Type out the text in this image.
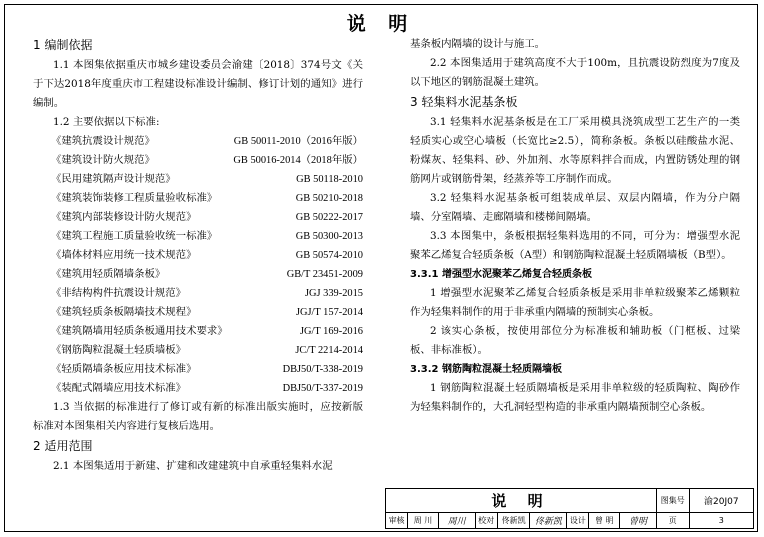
说 明
1 编制依据
1.1 本图集依据重庆市城乡建设委员会渝建〔2018〕374号文《关于下达2018年度重庆市工程建设标准设计编制、修订计划的通知》进行编制。
1.2 主要依据以下标准:
《建筑抗震设计规范》	GB 50011-2010（2016年版）
《建筑设计防火规范》	GB 50016-2014（2018年版）
《民用建筑隔声设计规范》	GB 50118-2010
《建筑装饰装修工程质量验收标准》	GB 50210-2018
《建筑内部装修设计防火规范》	GB 50222-2017
《建筑工程施工质量验收统一标准》	GB 50300-2013
《墙体材料应用统一技术规范》	GB 50574-2010
《建筑用轻质隔墙条板》	GB/T 23451-2009
《非结构构件抗震设计规范》	JGJ 339-2015
《建筑轻质条板隔墙技术规程》	JGJ/T 157-2014
《建筑隔墙用轻质条板通用技术要求》	JG/T 169-2016
《钢筋陶粒混凝土轻质墙板》	JC/T 2214-2014
《轻质隔墙条板应用技术标准》	DBJ50/T-338-2019
《装配式隔墙应用技术标准》	DBJ50/T-337-2019
1.3 当依据的标准进行了修订或有新的标准出版实施时，应按新版标准对本图集相关内容进行复核后选用。
2 适用范围
2.1 本图集适用于新建、扩建和改建建筑中自承重轻集料水泥
基条板内隔墙的设计与施工。
2.2 本图集适用于建筑高度不大于100m，且抗震设防烈度为7度及以下地区的钢筋混凝土建筑。
3 轻集料水泥基条板
3.1 轻集料水泥基条板是在工厂采用模具浇筑成型工艺生产的一类轻质实心或空心墙板（长宽比≥2.5），简称条板。条板以硅酸盐水泥、粉煤灰、轻集料、砂、外加剂、水等原料拌合而成，内置防锈处理的钢筋网片或钢筋骨架，经蒸养等工序制作而成。
3.2 轻集料水泥基条板可组装成单层、双层内隔墙，作为分户隔墙、分室隔墙、走廊隔墙和楼梯间隔墙。
3.3 本图集中，条板根据轻集料选用的不同，可分为：增强型水泥聚苯乙烯复合轻质条板（A型）和钢筋陶粒混凝土轻质隔墙板（B型）。
3.3.1 增强型水泥聚苯乙烯复合轻质条板
1 增强型水泥聚苯乙烯复合轻质条板是采用非单粒级聚苯乙烯颗粒作为轻集料制作的用于非承重内隔墙的预制实心条板。
2 该实心条板，按使用部位分为标准板和辅助板（门框板、过梁板、非标准板）。
3.3.2 钢筋陶粒混凝土轻质隔墙板
1 钢筋陶粒混凝土轻质隔墙板是采用非单粒级的轻质陶粒、陶砂作为轻集料制作的，大孔洞轻型构造的非承重内隔墙预制空心条板。
说 明									图集号	渝20J07
审核	周 川	周川	校对	佟新凯	佟新凯	设计	曾 明	曾明	页	3
